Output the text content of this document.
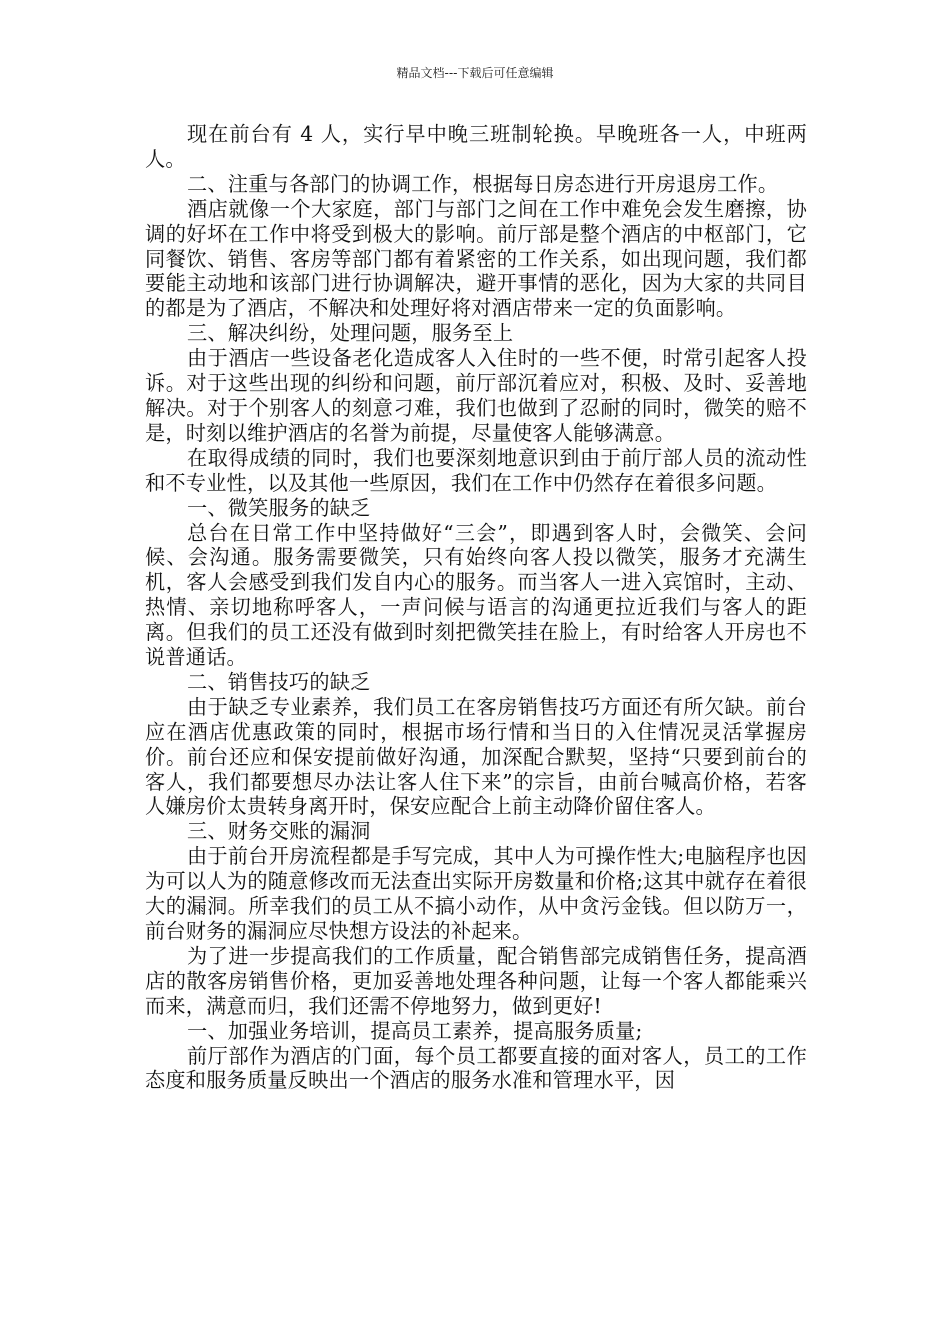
精品文档---下载后可任意编辑

现在前台有 4 人，实行早中晚三班制轮换。早晚班各一人，中班两人。

二、注重与各部门的协调工作，根据每日房态进行开房退房工作。

酒店就像一个大家庭，部门与部门之间在工作中难免会发生磨擦，协调的好坏在工作中将受到极大的影响。前厅部是整个酒店的中枢部门，它同餐饮、销售、客房等部门都有着紧密的工作关系，如出现问题，我们都要能主动地和该部门进行协调解决，避开事情的恶化，因为大家的共同目的都是为了酒店，不解决和处理好将对酒店带来一定的负面影响。

三、解决纠纷，处理问题，服务至上

由于酒店一些设备老化造成客人入住时的一些不便，时常引起客人投诉。对于这些出现的纠纷和问题，前厅部沉着应对，积极、及时、妥善地解决。对于个别客人的刻意刁难，我们也做到了忍耐的同时，微笑的赔不是，时刻以维护酒店的名誉为前提，尽量使客人能够满意。

在取得成绩的同时，我们也要深刻地意识到由于前厅部人员的流动性和不专业性，以及其他一些原因，我们在工作中仍然存在着很多问题。

一、微笑服务的缺乏

总台在日常工作中坚持做好“三会”，即遇到客人时，会微笑、会问候、会沟通。服务需要微笑，只有始终向客人投以微笑，服务才充满生机，客人会感受到我们发自内心的服务。而当客人一进入宾馆时，主动、热情、亲切地称呼客人，一声问候与语言的沟通更拉近我们与客人的距离。但我们的员工还没有做到时刻把微笑挂在脸上，有时给客人开房也不说普通话。

二、销售技巧的缺乏

由于缺乏专业素养，我们员工在客房销售技巧方面还有所欠缺。前台应在酒店优惠政策的同时，根据市场行情和当日的入住情况灵活掌握房价。前台还应和保安提前做好沟通，加深配合默契，坚持“只要到前台的客人，我们都要想尽办法让客人住下来”的宗旨，由前台喊高价格，若客人嫌房价太贵转身离开时，保安应配合上前主动降价留住客人。

三、财务交账的漏洞

由于前台开房流程都是手写完成，其中人为可操作性大;电脑程序也因为可以人为的随意修改而无法查出实际开房数量和价格;这其中就存在着很大的漏洞。所幸我们的员工从不搞小动作，从中贪污金钱。但以防万一，前台财务的漏洞应尽快想方设法的补起来。

为了进一步提高我们的工作质量，配合销售部完成销售任务，提高酒店的散客房销售价格，更加妥善地处理各种问题，让每一个客人都能乘兴而来，满意而归，我们还需不停地努力，做到更好!

一、加强业务培训，提高员工素养，提高服务质量;

前厅部作为酒店的门面，每个员工都要直接的面对客人，员工的工作态度和服务质量反映出一个酒店的服务水准和管理水平，因
